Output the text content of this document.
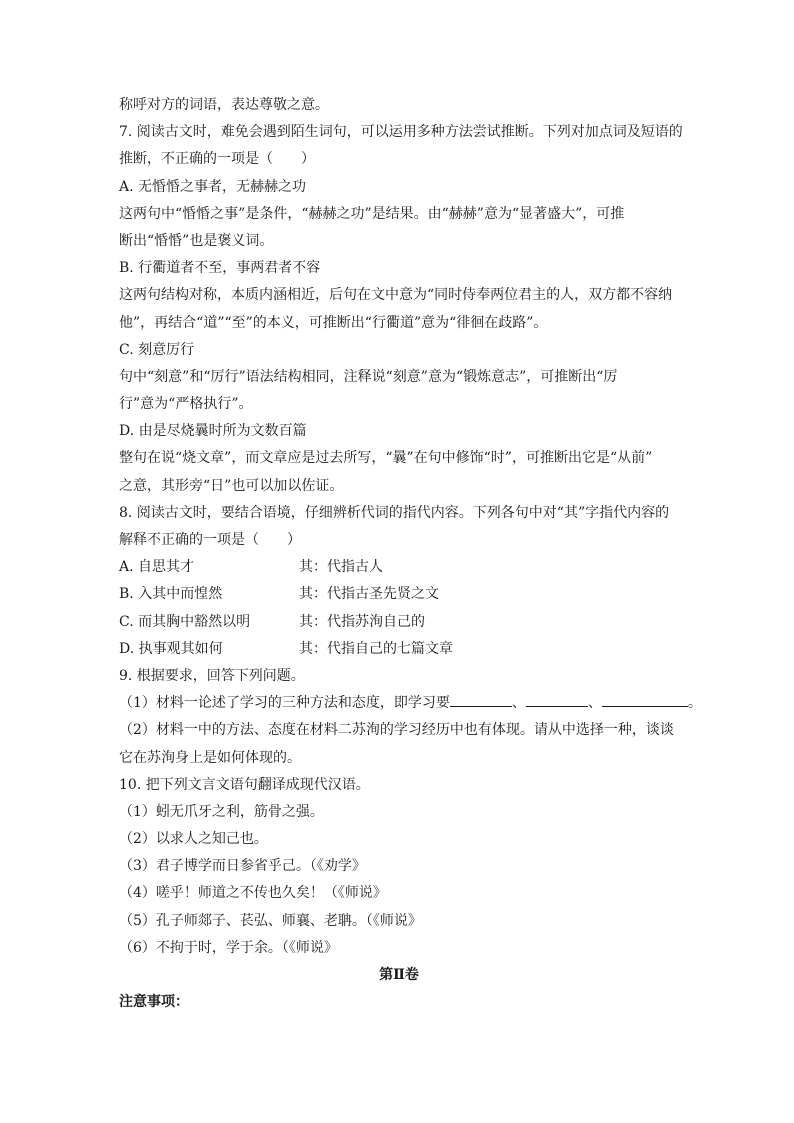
称呼对方的词语，表达尊敬之意。
7. 阅读古文时，难免会遇到陌生词句，可以运用多种方法尝试推断。下列对加点词及短语的
推断，不正确的一项是（　　）
A. 无惛惛之事者，无赫赫之功
这两句中“惛惛之事”是条件，“赫赫之功”是结果。由“赫赫”意为“显著盛大”，可推
断出“惛惛”也是褒义词。
B. 行衢道者不至，事两君者不容
这两句结构对称，本质内涵相近，后句在文中意为“同时侍奉两位君主的人，双方都不容纳
他”，再结合“道”“至”的本义，可推断出“行衢道”意为“徘徊在歧路”。
C. 刻意厉行
句中“刻意”和“厉行”语法结构相同，注释说“刻意”意为“锻炼意志”，可推断出“厉
行”意为“严格执行”。
D. 由是尽烧曩时所为文数百篇
整句在说“烧文章”，而文章应是过去所写，“曩”在句中修饰“时”，可推断出它是“从前”
之意，其形旁“日”也可以加以佐证。
8. 阅读古文时，要结合语境，仔细辨析代词的指代内容。下列各句中对“其”字指代内容的
解释不正确的一项是（　　）
A. 自思其才	其：代指古人
B. 入其中而惶然	其：代指古圣先贤之文
C. 而其胸中豁然以明	其：代指苏洵自己的
D. 执事观其如何	其：代指自己的七篇文章
9. 根据要求，回答下列问题。
（1）材料一论述了学习的三种方法和态度，即学习要	、	、	。
（2）材料一中的方法、态度在材料二苏洵的学习经历中也有体现。请从中选择一种，谈谈
它在苏洵身上是如何体现的。
10. 把下列文言文语句翻译成现代汉语。
（1）蚓无爪牙之利，筋骨之强。
（2）以求人之知己也。
（3）君子博学而日参省乎己。（《劝学》
（4）嗟乎！师道之不传也久矣！（《师说》
（5）孔子师郯子、苌弘、师襄、老聃。（《师说》
（6）不拘于时，学于余。（《师说》
第Ⅱ卷
注意事项：
